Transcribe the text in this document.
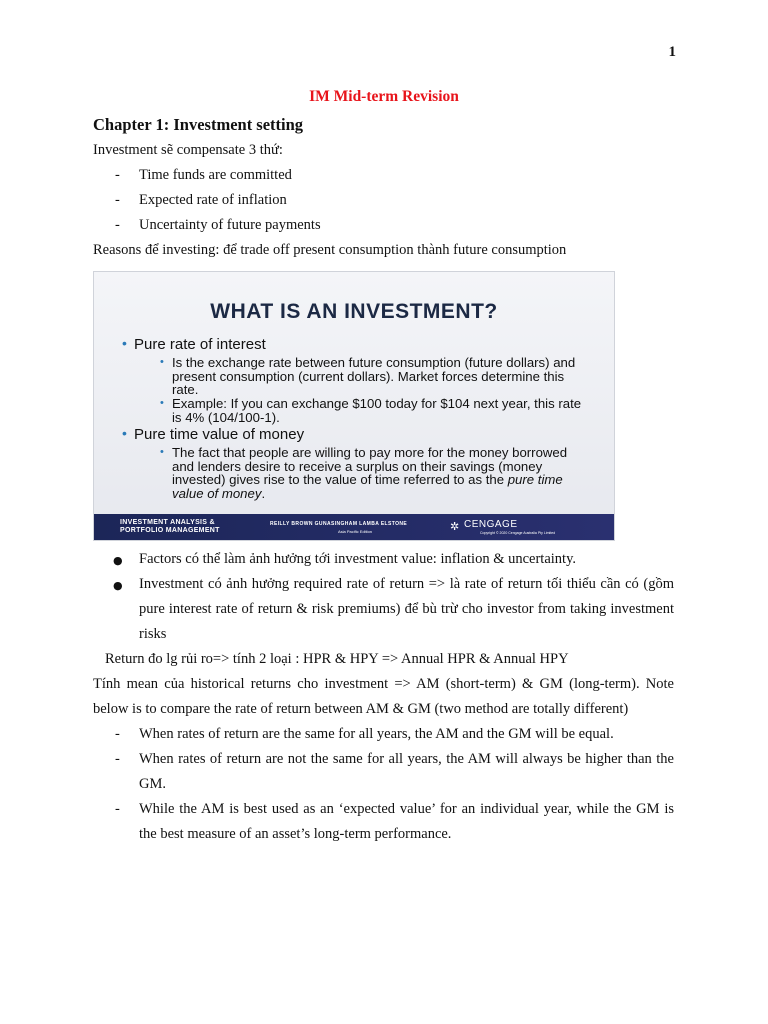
1
IM Mid-term Revision

Chapter 1: Investment setting

Investment sẽ compensate 3 thứ:

- Time funds are committed
- Expected rate of inflation
- Uncertainty of future payments

Reasons để investing: để trade off present consumption thành future consumption

WHAT IS AN INVESTMENT?
• Pure rate of interest
• Is the exchange rate between future consumption (future dollars) and present consumption (current dollars). Market forces determine this rate.
• Example: If you can exchange $100 today for $104 next year, this rate is 4% (104/100-1).
• Pure time value of money
• The fact that people are willing to pay more for the money borrowed and lenders desire to receive a surplus on their savings (money invested) gives rise to the value of time referred to as the pure time value of money.
INVESTMENT ANALYSIS &
PORTFOLIO MANAGEMENT
REILLY BROWN GUNASINGHAM LAMBA ELSTONE
Asia Pacific Edition	✲ CENGAGE
Copyright © 2020 Cengage Australia Pty Limited
● Factors có thể làm ảnh hưởng tới investment value: inflation & uncertainty.
● Investment có ảnh hưởng required rate of return => là rate of return tối thiểu cần có (gồm pure interest rate of return & risk premiums) để bù trừ cho investor from taking investment risks

Return đo lg rủi ro=> tính 2 loại : HPR & HPY => Annual HPR & Annual HPY

Tính mean của historical returns cho investment => AM (short-term) & GM (long-term). Note below is to compare the rate of return between AM & GM (two method are totally different)

- When rates of return are the same for all years, the AM and the GM will be equal.
- When rates of return are not the same for all years, the AM will always be higher than the GM.
- While the AM is best used as an ‘expected value’ for an individual year, while the GM is the best measure of an asset’s long-term performance.
